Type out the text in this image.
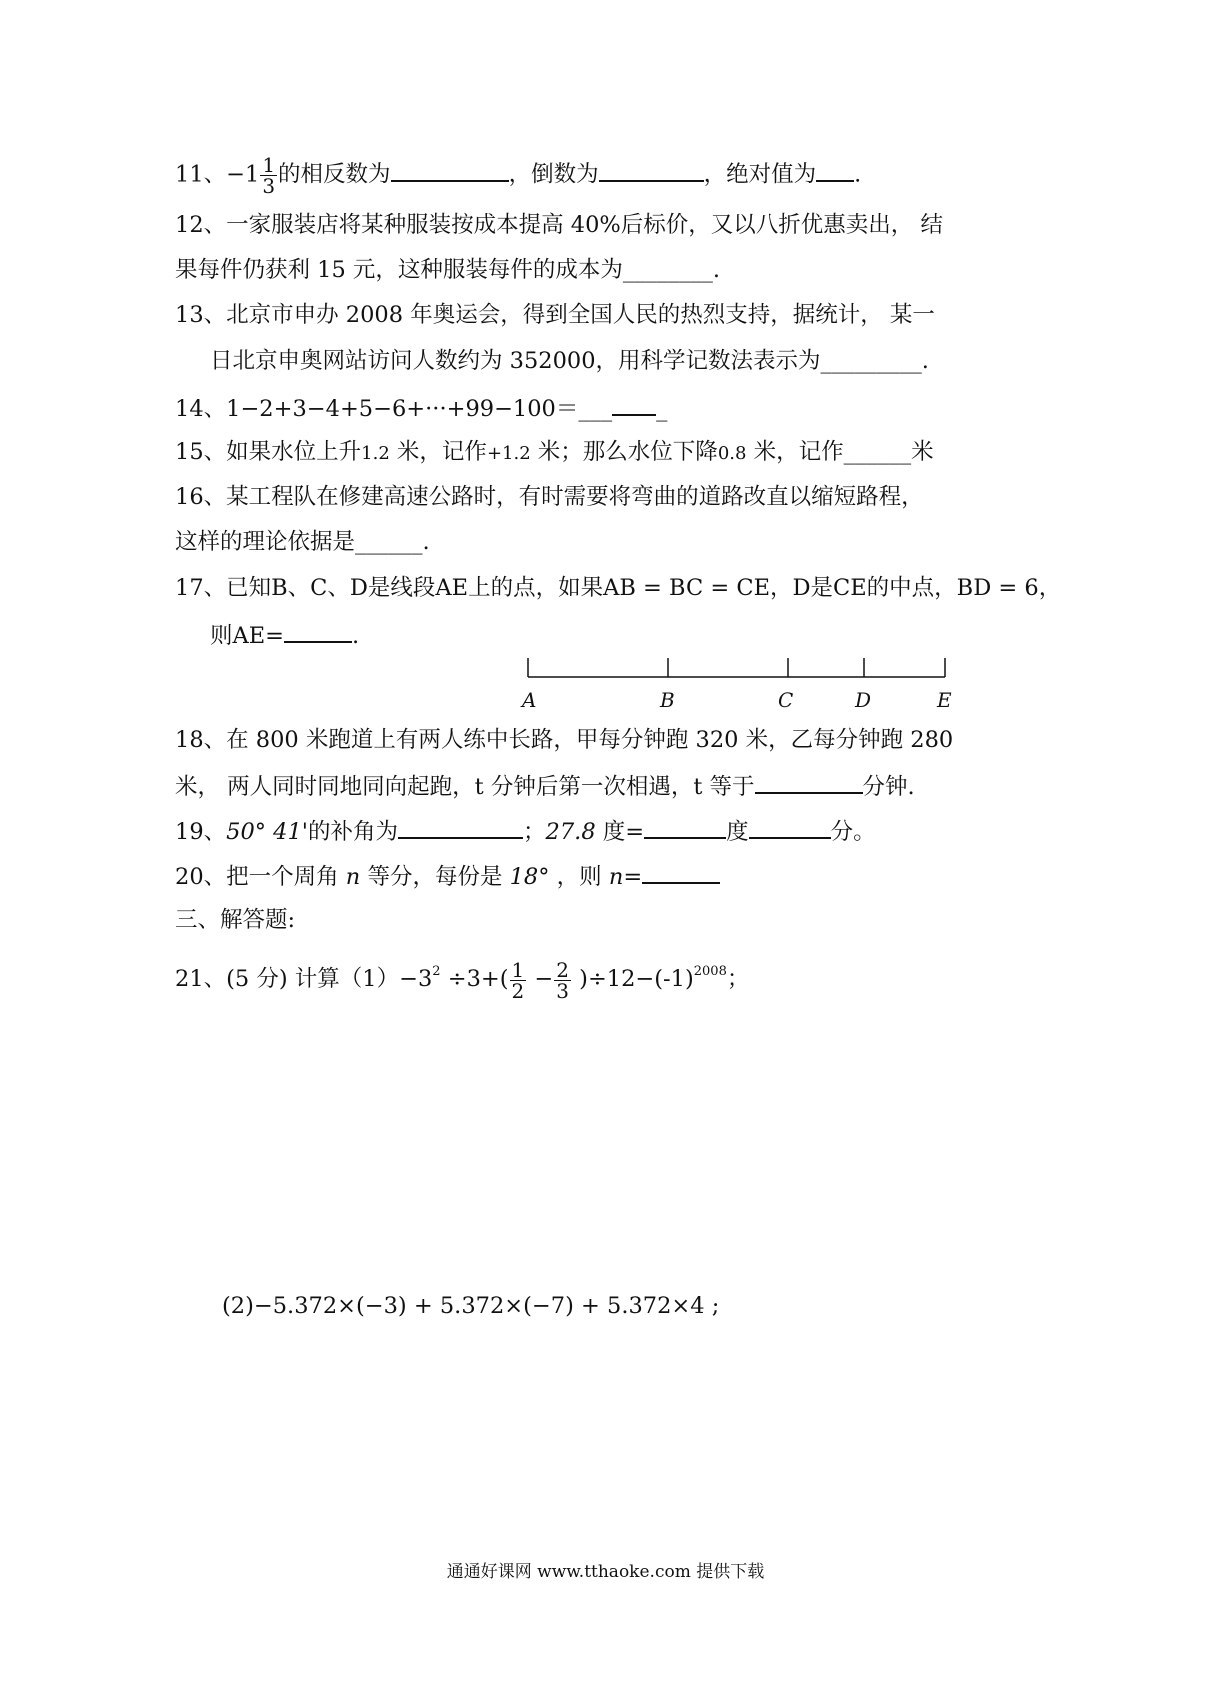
11、$-1 \frac{1}{3}$ 的相反数为	，倒数为	，绝对值为 .
12、一家服装店将某种服装按成本提高 40%后标价，又以八折优惠卖出， 结
果每件仍获利 15 元，这种服装每件的成本为________.
13、北京市申办 2008 年奥运会，得到全国人民的热烈支持，据统计， 某一
日北京申奥网站访问人数约为 352000，用科学记数法表示为_________.
14、1−2+3−4+5−6+···+99−100＝___ _
15、如果水位上升1.2 米，记作+1.2 米；那么水位下降0.8 米，记作______米
16、某工程队在修建高速公路时，有时需要将弯曲的道路改直以缩短路程，
这样的理论依据是______.
17、已知B、C、D是线段AE上的点，如果AB = BC = CE，D是CE的中点，BD = 6，
则AE=	.
A	B	C	D	E
18、在 800 米跑道上有两人练中长路，甲每分钟跑 320 米，乙每分钟跑 280
米， 两人同时同地同向起跑，t 分钟后第一次相遇，t 等于	分钟.
19、50° 41'的补角为	；27.8 度=	度	分。
20、把一个周角 n 等分，每份是 18° ，则 n=
三、解答题:
21、(5 分) 计算$(1)-3^2 \div 3+( \frac{1}{2} - \frac{2}{3} )\div 12-(-1)^{2008}$；
(2)−5.372×(−3) + 5.372×(−7) + 5.372×4 ;
通通好课网 www.tthaoke.com 提供下载
